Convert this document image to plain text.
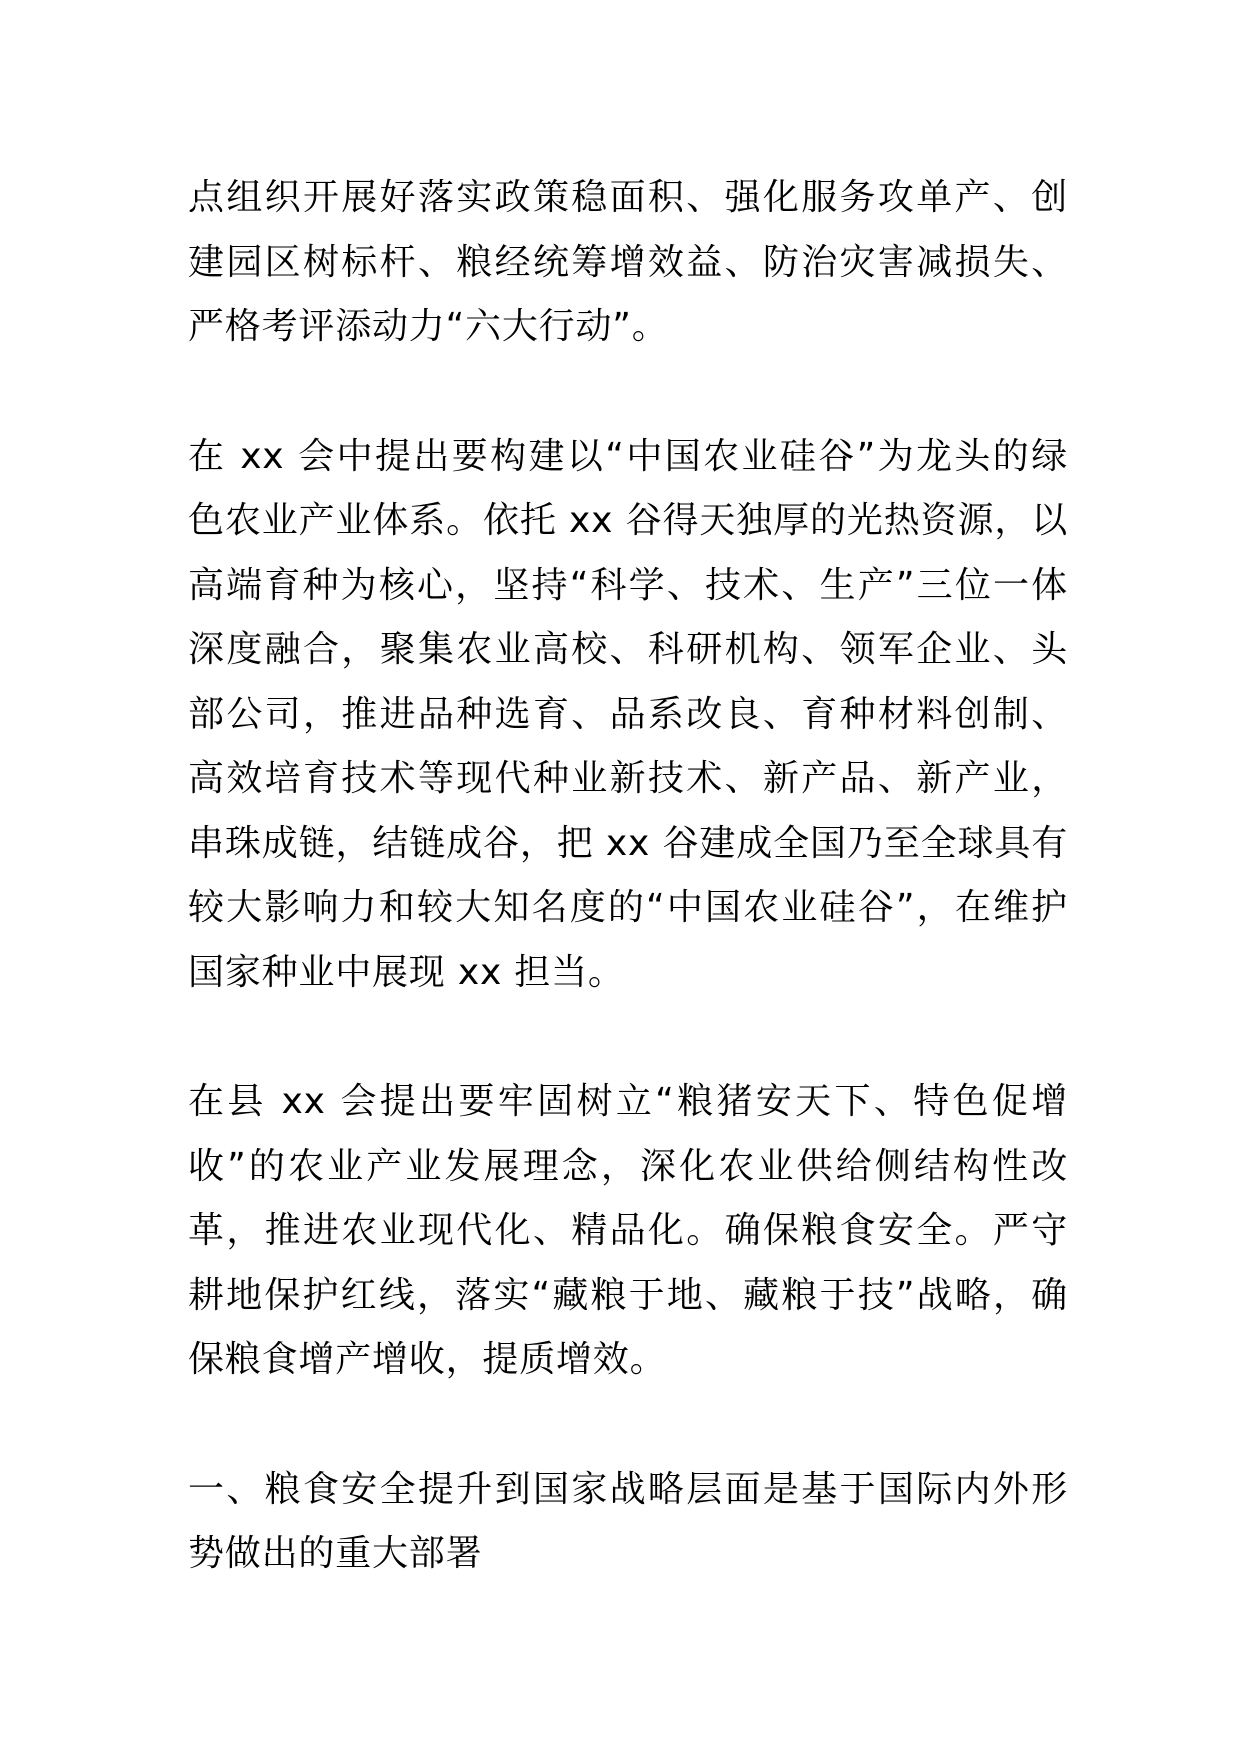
点组织开展好落实政策稳面积、强化服务攻单产、创建园区树标杆、粮经统筹增效益、防治灾害减损失、严格考评添动力“六大行动”。

在 xx 会中提出要构建以“中国农业硅谷”为龙头的绿色农业产业体系。依托 xx 谷得天独厚的光热资源，以高端育种为核心，坚持“科学、技术、生产”三位一体深度融合，聚集农业高校、科研机构、领军企业、头部公司，推进品种选育、品系改良、育种材料创制、高效培育技术等现代种业新技术、新产品、新产业，串珠成链，结链成谷，把 xx 谷建成全国乃至全球具有较大影响力和较大知名度的“中国农业硅谷”，在维护国家种业中展现 xx 担当。

在县 xx 会提出要牢固树立“粮猪安天下、特色促增收”的农业产业发展理念，深化农业供给侧结构性改革，推进农业现代化、精品化。确保粮食安全。严守耕地保护红线，落实“藏粮于地、藏粮于技”战略，确保粮食增产增收，提质增效。

一、粮食安全提升到国家战略层面是基于国际内外形势做出的重大部署
